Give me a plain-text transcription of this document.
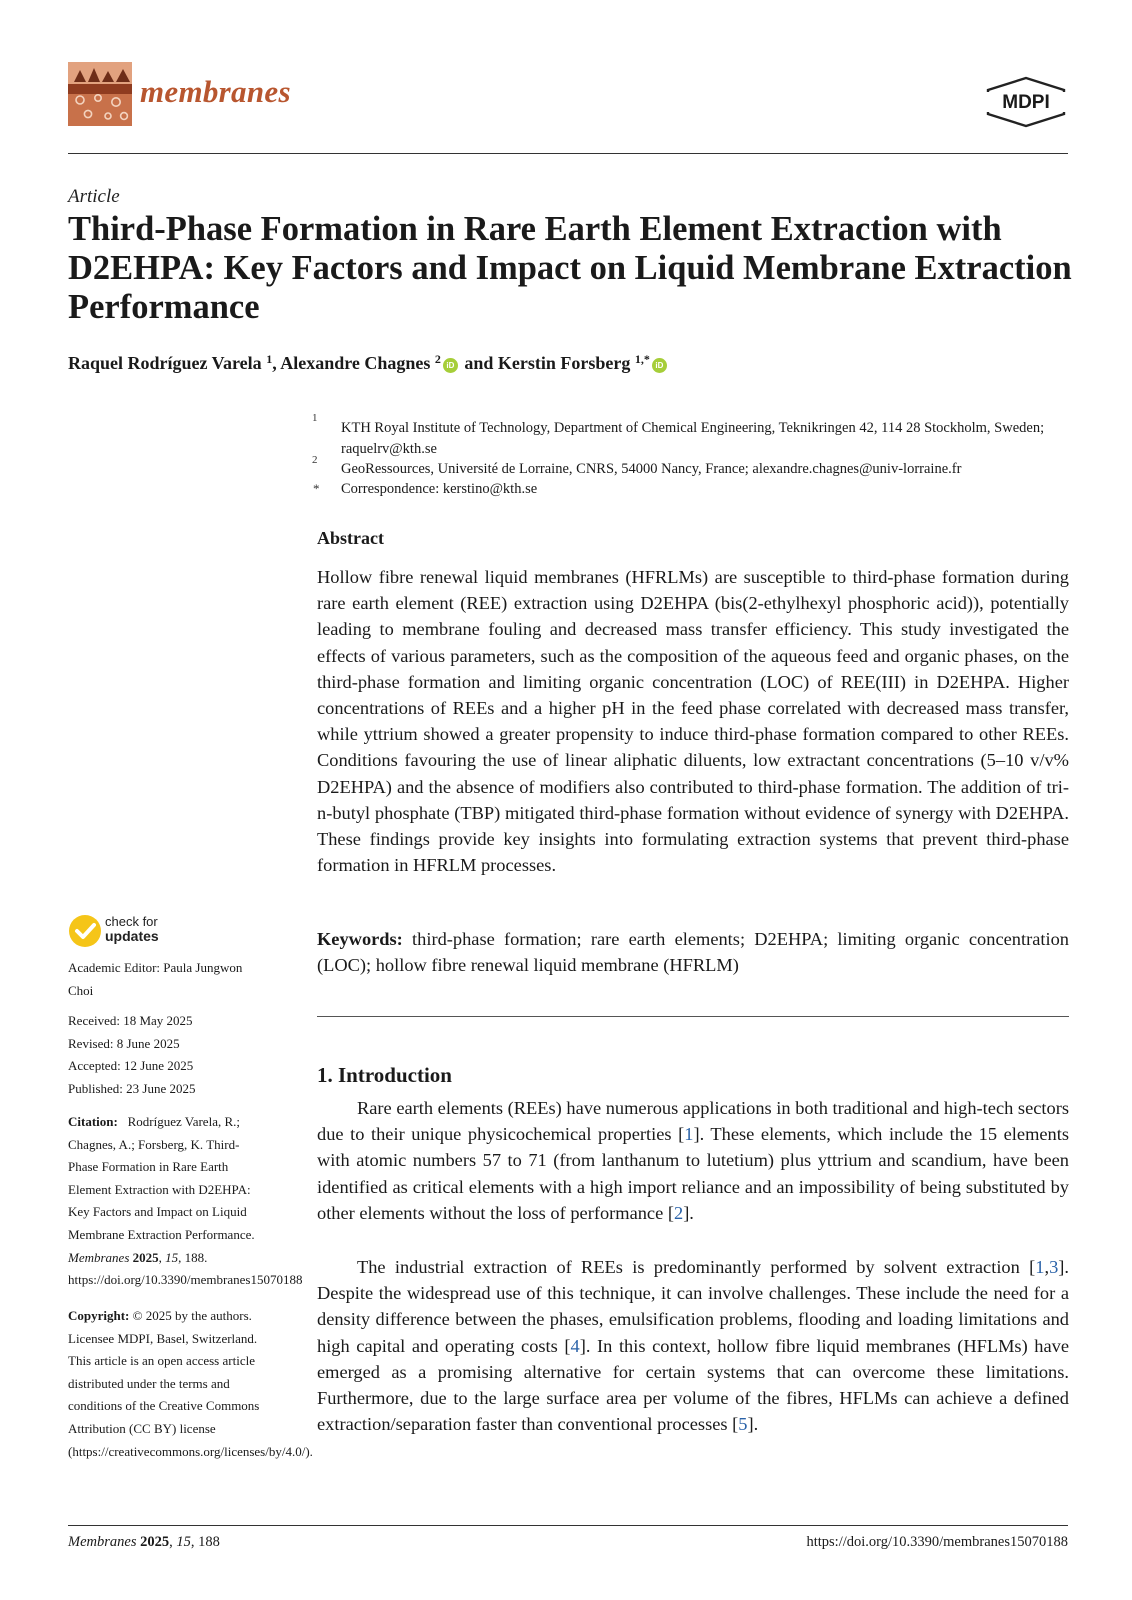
membranes	MDPI
Article
Third-Phase Formation in Rare Earth Element Extraction with D2EHPA: Key Factors and Impact on Liquid Membrane Extraction Performance
Raquel Rodríguez Varela $^1$, Alexandre Chagnes $^2$ iD and Kerstin Forsberg $^{1,*}$ iD
1
KTH Royal Institute of Technology, Department of Chemical Engineering, Teknikringen 42, 114 28 Stockholm, Sweden; raquelrv@kth.se
2
GeoRessources, Université de Lorraine, CNRS, 54000 Nancy, France; alexandre.chagnes@univ-lorraine.fr
* Correspondence: kerstino@kth.se
Abstract
Hollow fibre renewal liquid membranes (HFRLMs) are susceptible to third-phase formation during rare earth element (REE) extraction using D2EHPA (bis(2-ethylhexyl phosphoric acid)), potentially leading to membrane fouling and decreased mass transfer efficiency. This study investigated the effects of various parameters, such as the composition of the aqueous feed and organic phases, on the third-phase formation and limiting organic concentration (LOC) of REE(III) in D2EHPA. Higher concentrations of REEs and a higher pH in the feed phase correlated with decreased mass transfer, while yttrium showed a greater propensity to induce third-phase formation compared to other REEs. Conditions favouring the use of linear aliphatic diluents, low extractant concentrations (5–10 v/v% D2EHPA) and the absence of modifiers also contributed to third-phase formation. The addition of tri-n-butyl phosphate (TBP) mitigated third-phase formation without evidence of synergy with D2EHPA. These findings provide key insights into formulating extraction systems that prevent third-phase formation in HFRLM processes.
Keywords: third-phase formation; rare earth elements; D2EHPA; limiting organic concentration (LOC); hollow fibre renewal liquid membrane (HFRLM)
1. Introduction
Rare earth elements (REEs) have numerous applications in both traditional and high-tech sectors due to their unique physicochemical properties [1]. These elements, which include the 15 elements with atomic numbers 57 to 71 (from lanthanum to lutetium) plus yttrium and scandium, have been identified as critical elements with a high import reliance and an impossibility of being substituted by other elements without the loss of performance [2].
The industrial extraction of REEs is predominantly performed by solvent extraction [1,3]. Despite the widespread use of this technique, it can involve challenges. These include the need for a density difference between the phases, emulsification problems, flooding and loading limitations and high capital and operating costs [4]. In this context, hollow fibre liquid membranes (HFLMs) have emerged as a promising alternative for certain systems that can overcome these limitations. Furthermore, due to the large surface area per volume of the fibres, HFLMs can achieve a defined extraction/separation faster than conventional processes [5].
check for
updates
Academic Editor: Paula Jungwon Choi
Received: 18 May 2025
Revised: 8 June 2025
Accepted: 12 June 2025
Published: 23 June 2025
Citation: Rodríguez Varela, R.; Chagnes, A.; Forsberg, K. Third-Phase Formation in Rare Earth Element Extraction with D2EHPA: Key Factors and Impact on Liquid Membrane Extraction Performance. Membranes 2025, 15, 188. https://doi.org/10.3390/membranes15070188
Copyright: © 2025 by the authors. Licensee MDPI, Basel, Switzerland. This article is an open access article distributed under the terms and conditions of the Creative Commons Attribution (CC BY) license (https://creativecommons.org/licenses/by/4.0/).
Membranes 2025, 15, 188	https://doi.org/10.3390/membranes15070188
